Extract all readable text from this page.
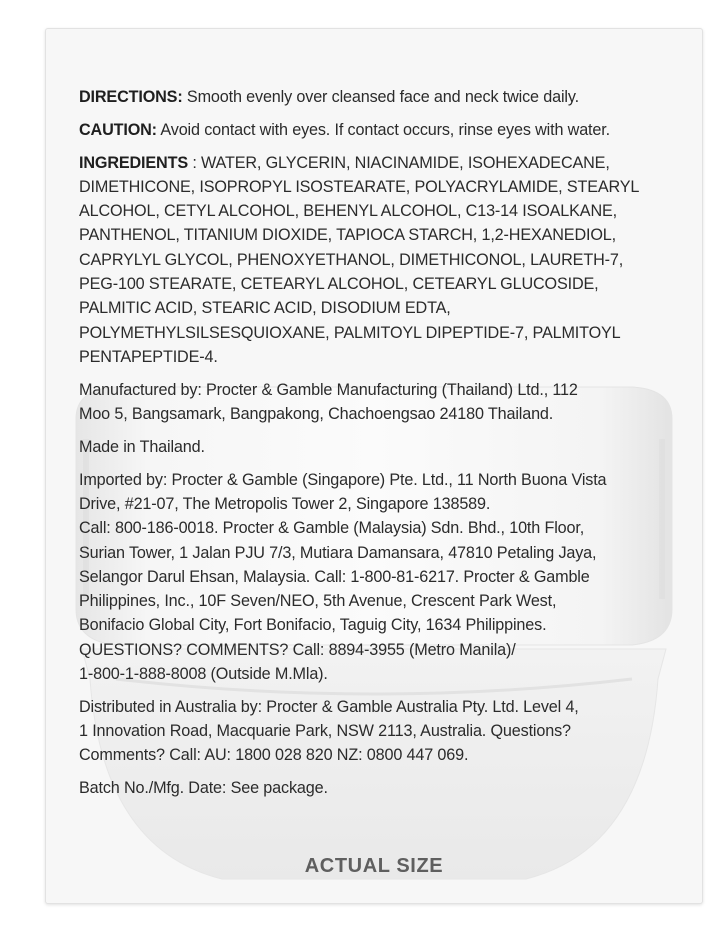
DIRECTIONS: Smooth evenly over cleansed face and neck twice daily.

CAUTION: Avoid contact with eyes. If contact occurs, rinse eyes with water.

INGREDIENTS : WATER, GLYCERIN, NIACINAMIDE, ISOHEXADECANE,
DIMETHICONE, ISOPROPYL ISOSTEARATE, POLYACRYLAMIDE, STEARYL
ALCOHOL, CETYL ALCOHOL, BEHENYL ALCOHOL, C13-14 ISOALKANE,
PANTHENOL, TITANIUM DIOXIDE, TAPIOCA STARCH, 1,2-HEXANEDIOL,
CAPRYLYL GLYCOL, PHENOXYETHANOL, DIMETHICONOL, LAURETH-7,
PEG-100 STEARATE, CETEARYL ALCOHOL, CETEARYL GLUCOSIDE,
PALMITIC ACID, STEARIC ACID, DISODIUM EDTA,
POLYMETHYLSILSESQUIOXANE, PALMITOYL DIPEPTIDE-7, PALMITOYL
PENTAPEPTIDE-4.

Manufactured by: Procter & Gamble Manufacturing (Thailand) Ltd., 112
Moo 5, Bangsamark, Bangpakong, Chachoengsao 24180 Thailand.

Made in Thailand.

Imported by: Procter & Gamble (Singapore) Pte. Ltd., 11 North Buona Vista
Drive, #21-07, The Metropolis Tower 2, Singapore 138589.
Call: 800-186-0018. Procter & Gamble (Malaysia) Sdn. Bhd., 10th Floor,
Surian Tower, 1 Jalan PJU 7/3, Mutiara Damansara, 47810 Petaling Jaya,
Selangor Darul Ehsan, Malaysia. Call: 1-800-81-6217. Procter & Gamble
Philippines, Inc., 10F Seven/NEO, 5th Avenue, Crescent Park West,
Bonifacio Global City, Fort Bonifacio, Taguig City, 1634 Philippines.
QUESTIONS? COMMENTS? Call: 8894-3955 (Metro Manila)/
1-800-1-888-8008 (Outside M.Mla).

Distributed in Australia by: Procter & Gamble Australia Pty. Ltd. Level 4,
1 Innovation Road, Macquarie Park, NSW 2113, Australia. Questions?
Comments? Call: AU: 1800 028 820 NZ: 0800 447 069.

Batch No./Mfg. Date: See package.

ACTUAL SIZE
